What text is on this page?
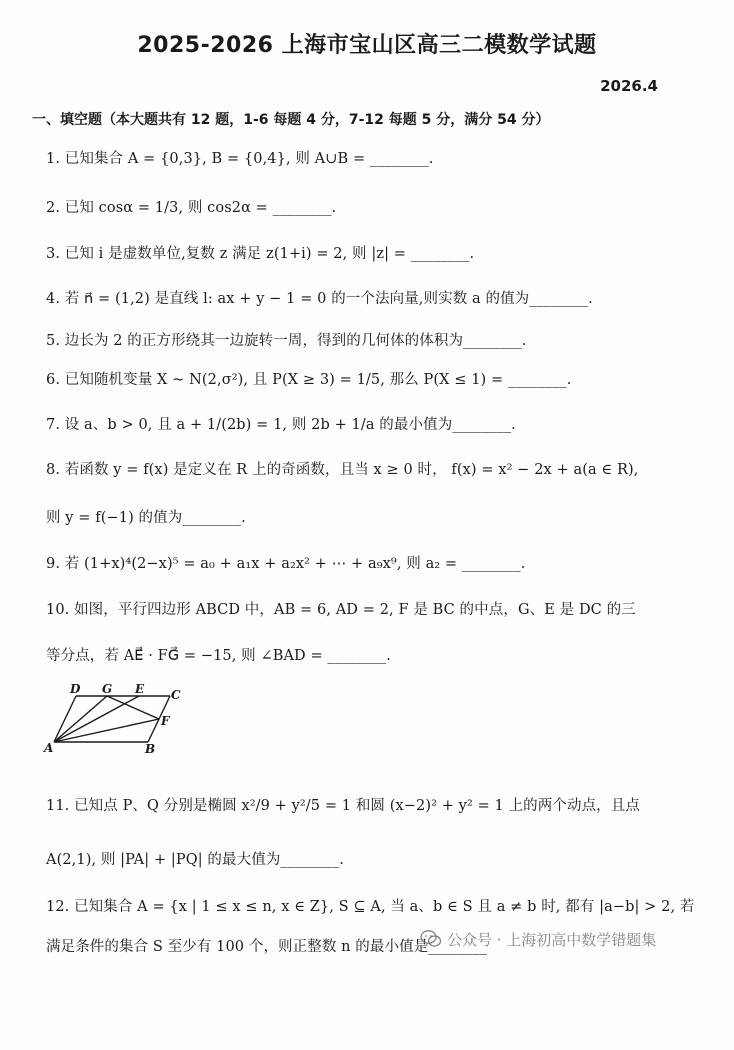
2025-2026 上海市宝山区高三二模数学试题
2026.4
一、填空题（本大题共有 12 题，1-6 每题 4 分，7-12 每题 5 分，满分 54 分）
1. 已知集合 A = {0,3}, B = {0,4}, 则 A∪B = ________.
2. 已知 cosα = 1/3, 则 cos2α = ________.
3. 已知 i 是虚数单位,复数 z 满足 z(1+i) = 2, 则 |z| = ________.
4. 若 n⃗ = (1,2) 是直线 l: ax + y − 1 = 0 的一个法向量,则实数 a 的值为________.
5. 边长为 2 的正方形绕其一边旋转一周，得到的几何体的体积为________.
6. 已知随机变量 X ~ N(2,σ²), 且 P(X ≥ 3) = 1/5, 那么 P(X ≤ 1) = ________.
7. 设 a、b > 0, 且 a + 1/(2b) = 1, 则 2b + 1/a 的最小值为________.
8. 若函数 y = f(x) 是定义在 R 上的奇函数，且当 x ≥ 0 时， f(x) = x² − 2x + a(a ∈ R),
则 y = f(−1) 的值为________.
9. 若 (1+x)⁴(2−x)⁵ = a₀ + a₁x + a₂x² + ⋯ + a₉x⁹, 则 a₂ = ________.
10. 如图，平行四边形 ABCD 中，AB = 6, AD = 2, F 是 BC 的中点，G、E 是 DC 的三
等分点，若 AE⃗ · FG⃗ = −15, 则 ∠BAD = ________.
D G E C
F
A	B
11. 已知点 P、Q 分别是椭圆 x²/9 + y²/5 = 1 和圆 (x−2)² + y² = 1 上的两个动点，且点
A(2,1), 则 |PA| + |PQ| 的最大值为________.
12. 已知集合 A = {x | 1 ≤ x ≤ n, x ∈ Z}, S ⊆ A, 当 a、b ∈ S 且 a ≠ b 时, 都有 |a−b| > 2, 若
满足条件的集合 S 至少有 100 个，则正整数 n 的最小值是________
公众号 · 上海初高中数学错题集
